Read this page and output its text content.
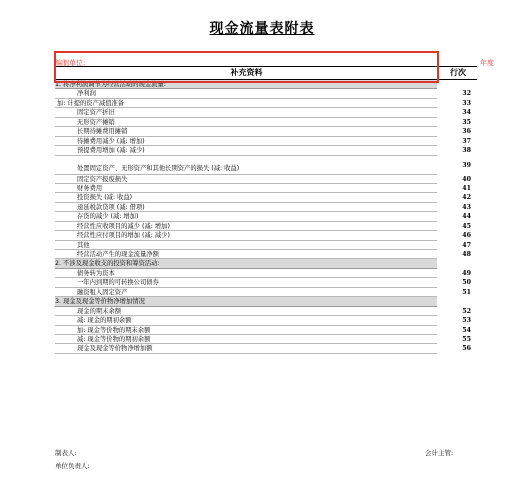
现金流量表附表
编制单位:	年度
补充资料	行次
1. 将净利润调节为经营活动的现金流量:
净利润	32
加: 计提的资产减值准备	33
固定资产折旧	34
无形资产摊销	35
长期待摊费用摊销	36
待摊费用减少 (减: 增加)	37
预提费用增加 (减: 减少)	38
处置固定资产、无形资产和其他长期资产的损失 (减: 收益)	39
固定资产报废损失	40
财务费用	41
投资损失 (减: 收益)	42
递延税款贷项 (减: 借项)	43
存货的减少 (减: 增加)	44
经营性应收项目的减少 (减: 增加)	45
经营性应付项目的增加 (减: 减少)	46
其他	47
经营活动产生的现金流量净额	48
2. 不涉及现金收支的投资和筹资活动:
债务转为资本	49
一年内到期的可转换公司债券	50
融资租入固定资产	51
3. 现金及现金等价物净增加情况
现金的期末余额	52
减: 现金的期初余额	53
加: 现金等价物的期末余额	54
减: 现金等价物的期初余额	55
现金及现金等价物净增加额	56
制表人:	会计主管:
单位负责人:
